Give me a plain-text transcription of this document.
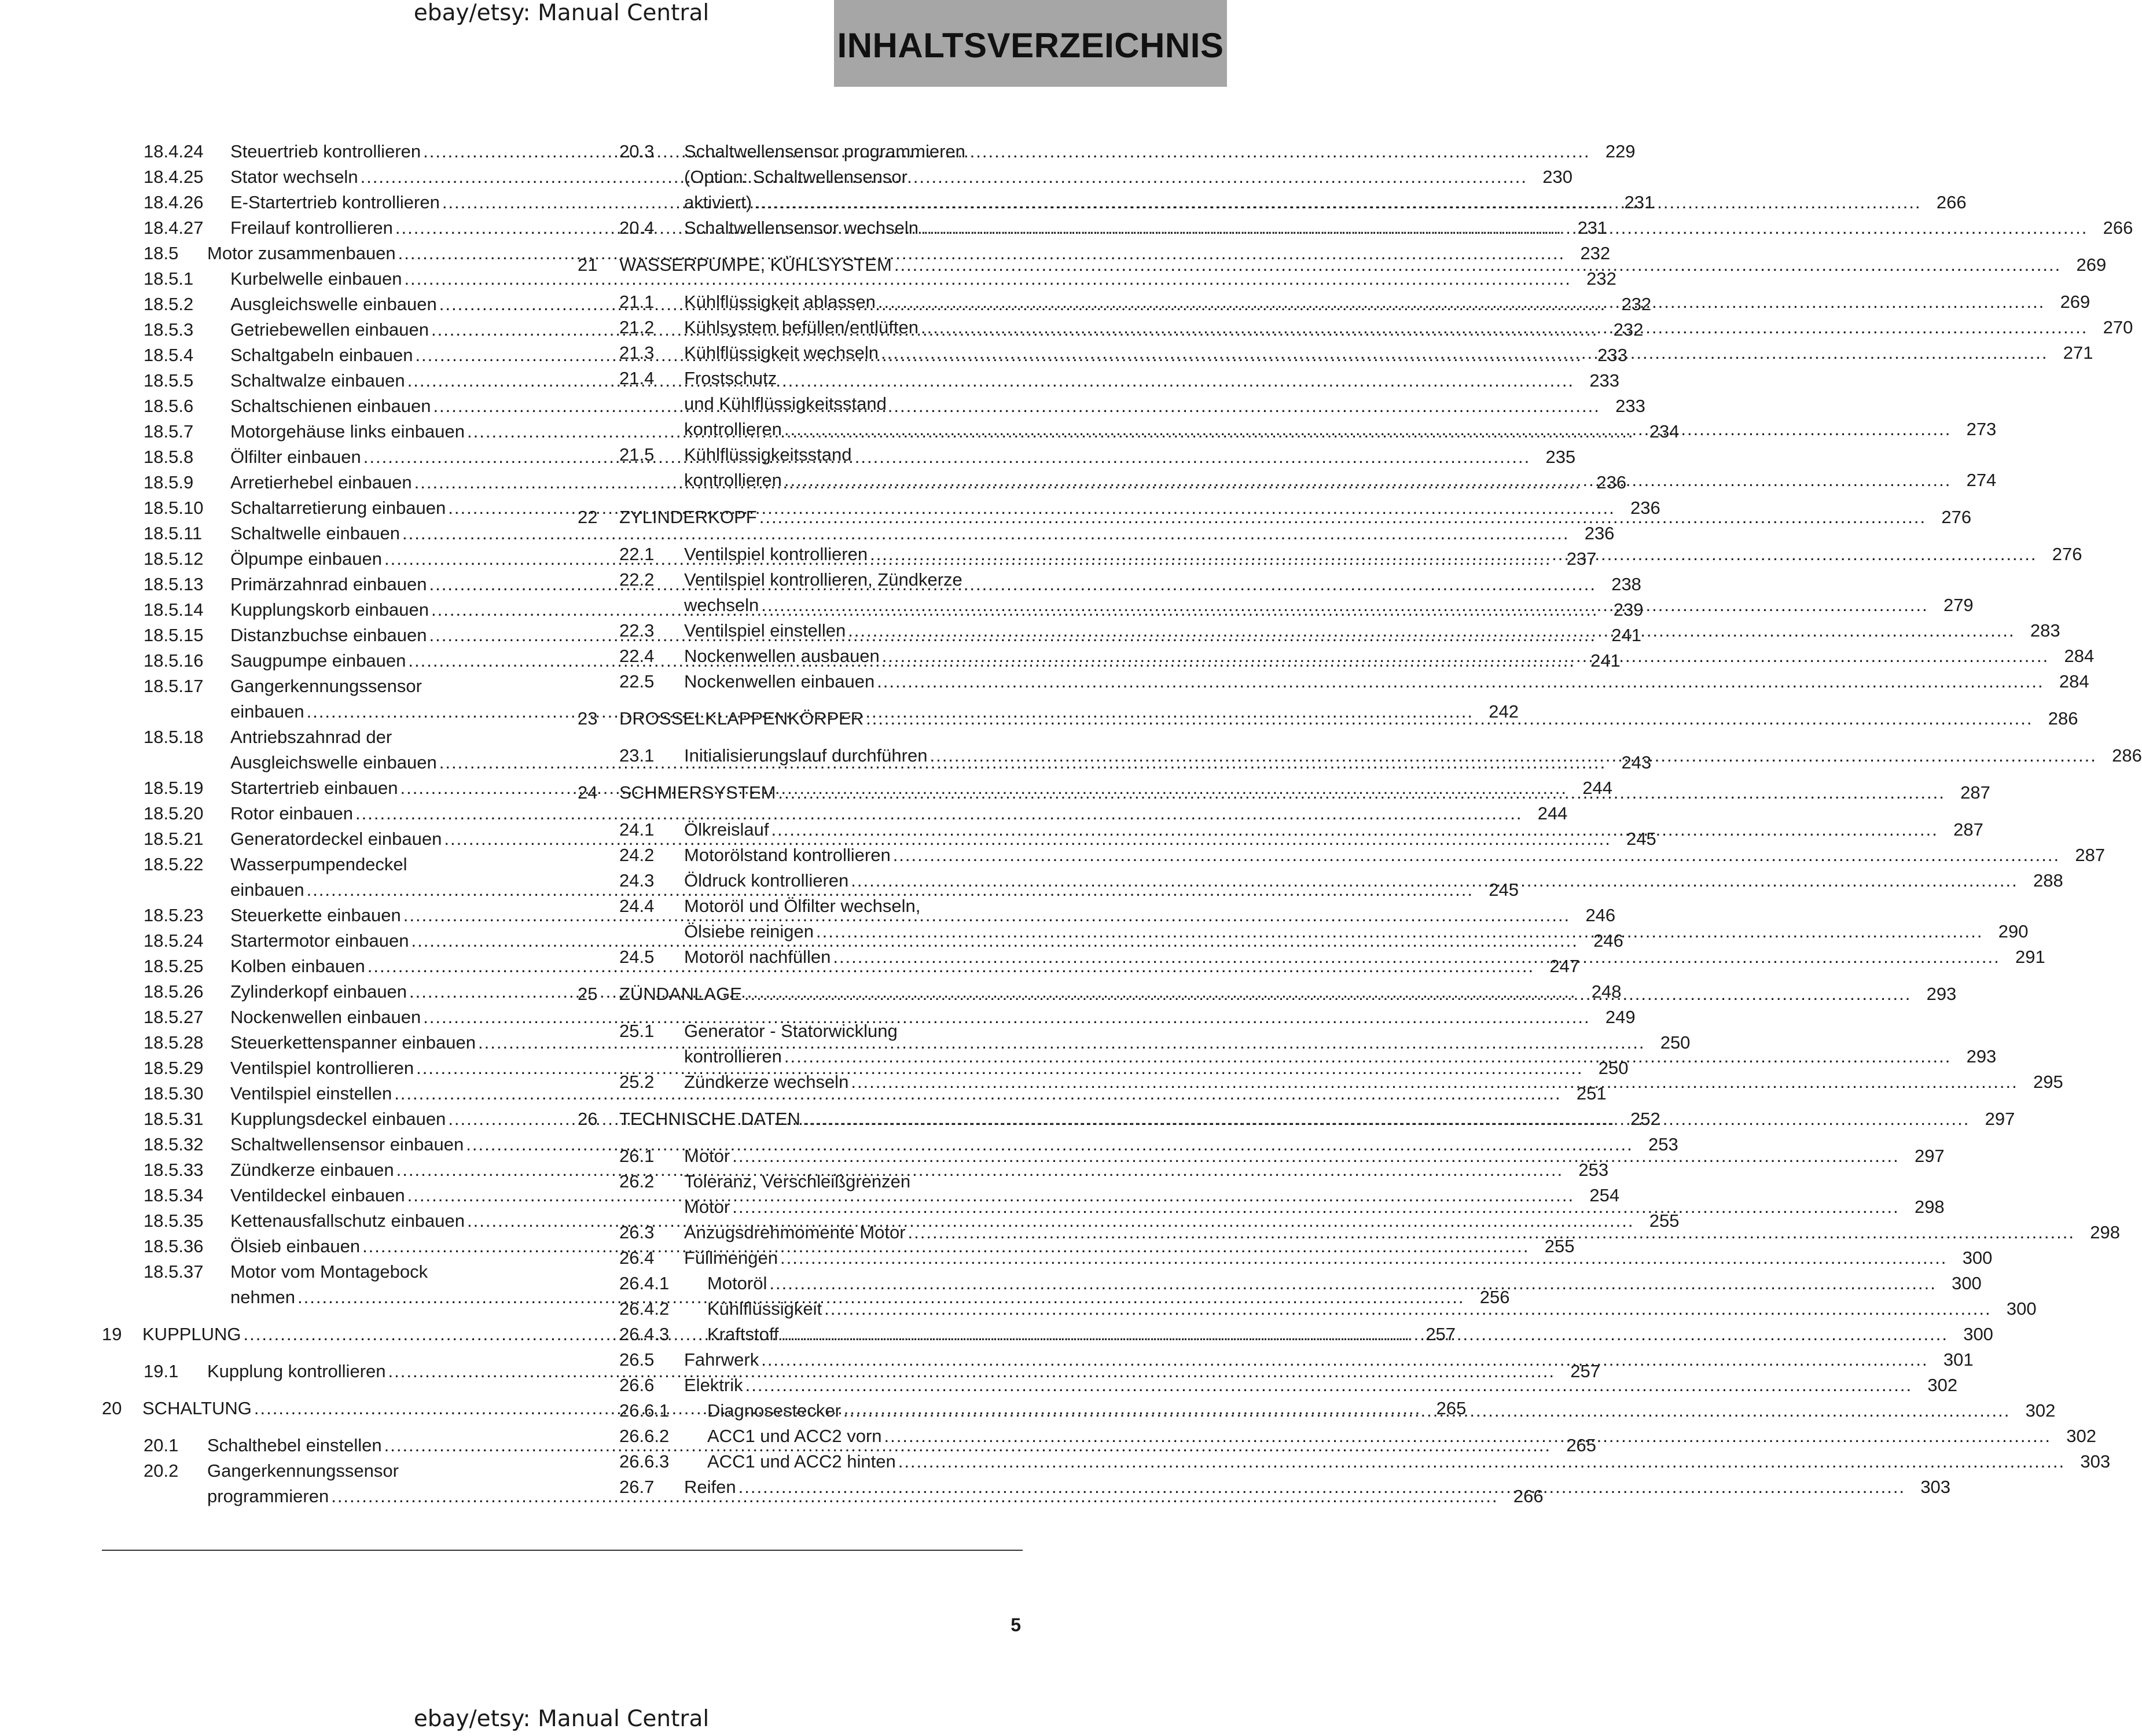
ebay/etsy: Manual Central
INHALTSVERZEICHNIS
18.4.24	Steuertrieb kontrollieren .....	229
18.4.25	Stator wechseln .....	230
18.4.26	E-Startertrieb kontrollieren .....	231
18.4.27	Freilauf kontrollieren .....	231
18.5	Motor zusammenbauen .....	232
18.5.1	Kurbelwelle einbauen .....	232
18.5.2	Ausgleichswelle einbauen .....	232
18.5.3	Getriebewellen einbauen .....	232
18.5.4	Schaltgabeln einbauen .....	233
18.5.5	Schaltwalze einbauen .....	233
18.5.6	Schaltschienen einbauen .....	233
18.5.7	Motorgehäuse links einbauen .....	234
18.5.8	Ölfilter einbauen .....	235
18.5.9	Arretierhebel einbauen .....	236
18.5.10	Schaltarretierung einbauen .....	236
18.5.11	Schaltwelle einbauen .....	236
18.5.12	Ölpumpe einbauen .....	237
18.5.13	Primärzahnrad einbauen .....	238
18.5.14	Kupplungskorb einbauen .....	239
18.5.15	Distanzbuchse einbauen .....	241
18.5.16	Saugpumpe einbauen .....	241
18.5.17	Gangerkennungssensor
einbauen .....	242
18.5.18	Antriebszahnrad der
Ausgleichswelle einbauen .....	243
18.5.19	Startertrieb einbauen .....	244
18.5.20	Rotor einbauen .....	244
18.5.21	Generatordeckel einbauen .....	245
18.5.22	Wasserpumpendeckel
einbauen .....	245
18.5.23	Steuerkette einbauen .....	246
18.5.24	Startermotor einbauen .....	246
18.5.25	Kolben einbauen .....	247
18.5.26	Zylinderkopf einbauen .....	248
18.5.27	Nockenwellen einbauen .....	249
18.5.28	Steuerkettenspanner einbauen .....	250
18.5.29	Ventilspiel kontrollieren .....	250
18.5.30	Ventilspiel einstellen .....	251
18.5.31	Kupplungsdeckel einbauen .....	252
18.5.32	Schaltwellensensor einbauen .....	253
18.5.33	Zündkerze einbauen .....	253
18.5.34	Ventildeckel einbauen .....	254
18.5.35	Kettenausfallschutz einbauen .....	255
18.5.36	Ölsieb einbauen .....	255
18.5.37	Motor vom Montagebock
nehmen .....	256
19	KUPPLUNG .....	257
19.1	Kupplung kontrollieren .....	257
20	SCHALTUNG .....	265
20.1	Schalthebel einstellen .....	265
20.2	Gangerkennungssensor
programmieren .....	266
20.3	Schaltwellensensor programmieren
(Option: Schaltwellensensor
aktiviert) .....	266
20.4	Schaltwellensensor wechseln .....	266
21	WASSERPUMPE, KÜHLSYSTEM .....	269
21.1	Kühlflüssigkeit ablassen .....	269
21.2	Kühlsystem befüllen/entlüften .....	270
21.3	Kühlflüssigkeit wechseln .....	271
21.4	Frostschutz
und Kühlflüssigkeitsstand
kontrollieren .....	273
21.5	Kühlflüssigkeitsstand
kontrollieren .....	274
22	ZYLINDERKOPF .....	276
22.1	Ventilspiel kontrollieren .....	276
22.2	Ventilspiel kontrollieren, Zündkerze
wechseln .....	279
22.3	Ventilspiel einstellen .....	283
22.4	Nockenwellen ausbauen .....	284
22.5	Nockenwellen einbauen .....	284
23	DROSSELKLAPPENKÖRPER .....	286
23.1	Initialisierungslauf durchführen .....	286
24	SCHMIERSYSTEM .....	287
24.1	Ölkreislauf .....	287
24.2	Motorölstand kontrollieren .....	287
24.3	Öldruck kontrollieren .....	288
24.4	Motoröl und Ölfilter wechseln,
Ölsiebe reinigen .....	290
24.5	Motoröl nachfüllen .....	291
25	ZÜNDANLAGE .....	293
25.1	Generator - Statorwicklung
kontrollieren .....	293
25.2	Zündkerze wechseln .....	295
26	TECHNISCHE DATEN .....	297
26.1	Motor .....	297
26.2	Toleranz, Verschleißgrenzen
Motor .....	298
26.3	Anzugsdrehmomente Motor .....	298
26.4	Füllmengen .....	300
26.4.1	Motoröl .....	300
26.4.2	Kühlflüssigkeit .....	300
26.4.3	Kraftstoff .....	300
26.5	Fahrwerk .....	301
26.6	Elektrik .....	302
26.6.1	Diagnosestecker .....	302
26.6.2	ACC1 und ACC2 vorn .....	302
26.6.3	ACC1 und ACC2 hinten .....	303
26.7	Reifen .....	303
5
ebay/etsy: Manual Central
